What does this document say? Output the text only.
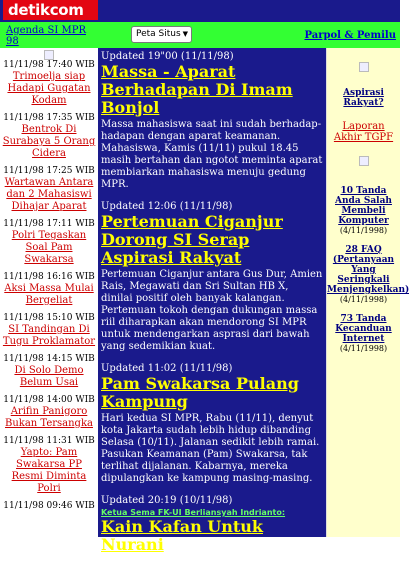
detikcom
Agenda SI MPR 98
Peta Situs ▼	Parpol & Pemilu
11/11/98 17:40 WIB
Trimoelja siap Hadapi Gugatan Kodam
11/11/98 17:35 WIB
Bentrok Di Surabaya 5 Orang Cidera
11/11/98 17:25 WIB
Wartawan Antara dan 2 Mahasiswi Dihajar Aparat
11/11/98 17:11 WIB
Polri Tegaskan Soal Pam Swakarsa
11/11/98 16:16 WIB
Aksi Massa Mulai Bergeliat
11/11/98 15:10 WIB
SI Tandingan Di Tugu Proklamator
11/11/98 14:15 WIB
Di Solo Demo Belum Usai
11/11/98 14:00 WIB
Arifin Panigoro Bukan Tersangka
11/11/98 11:31 WIB
Yapto: Pam Swakarsa PP Resmi Diminta Polri
11/11/98 09:46 WIB
Updated 19"00 (11/11/98)
Massa - Aparat Berhadapan Di Imam Bonjol
Massa mahasiswa saat ini sudah berhadap-hadapan dengan aparat keamanan. Mahasiswa, Kamis (11/11) pukul 18.45 masih bertahan dan ngotot meminta aparat membiarkan mahasiswa menuju gedung MPR.
Updated 12:06 (11/11/98)
Pertemuan Ciganjur Dorong SI Serap Aspirasi Rakyat
Pertemuan Ciganjur antara Gus Dur, Amien Rais, Megawati dan Sri Sultan HB X, dinilai positif oleh banyak kalangan. Pertemuan tokoh dengan dukungan massa riil diharapkan akan mendorong SI MPR untuk mendengarkan asprasi dari bawah yang sedemikian kuat.
Updated 11:02 (11/11/98)
Pam Swakarsa Pulang Kampung
Hari kedua SI MPR, Rabu (11/11), denyut kota Jakarta sudah lebih hidup dibanding Selasa (10/11). Jalanan sedikit lebih ramai. Pasukan Keamanan (Pam) Swakarsa, tak terlihat dijalanan. Kabarnya, mereka dipulangkan ke kampung masing-masing.
Updated 20:19 (10/11/98)
Ketua Sema FK-UI Berliansyah Indrianto:
Kain Kafan Untuk Nurani
Aspirasi Rakyat?
Laporan Akhir TGPF
10 Tanda Anda Salah Membeli Komputer
(4/11/1998)
28 FAQ (Pertanyaan Yang Seringkali Menjengkelkan)
(4/11/1998)
73 Tanda Kecanduan Internet
(4/11/1998)
